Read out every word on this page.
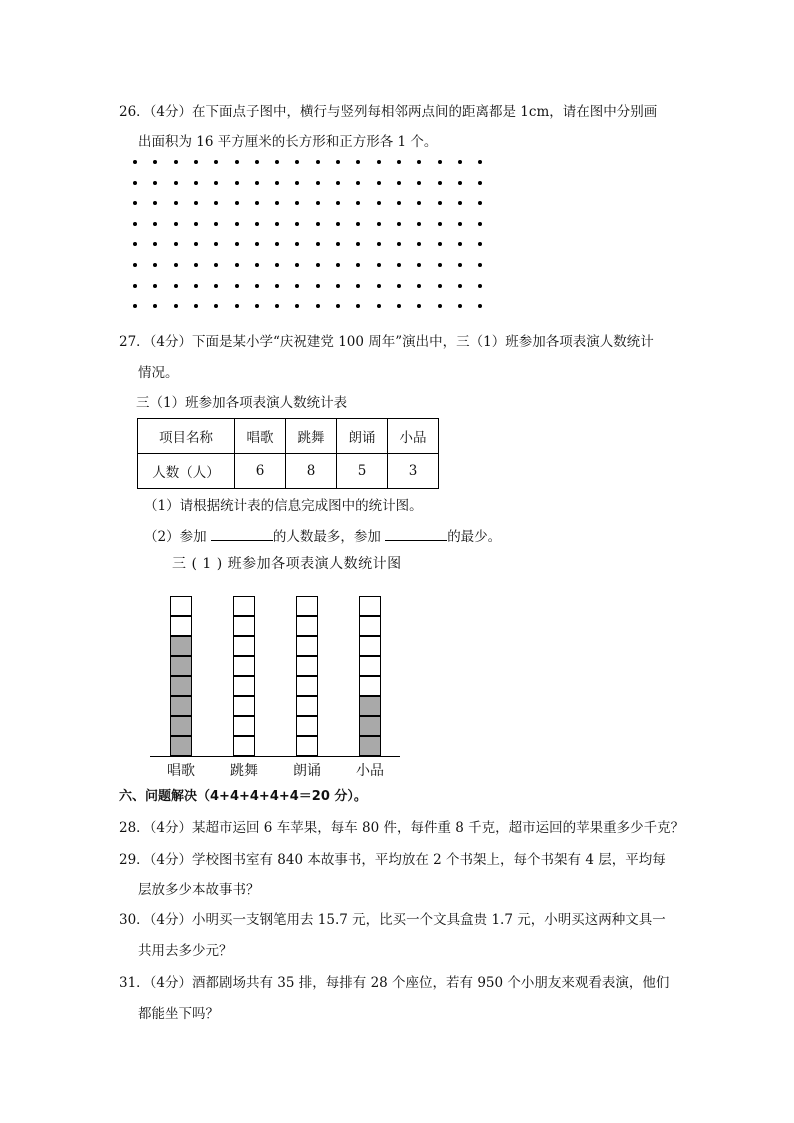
26．（4分）在下面点子图中，横行与竖列每相邻两点间的距离都是 1cm，请在图中分别画
出面积为 16 平方厘米的长方形和正方形各 1 个。
27．（4分）下面是某小学“庆祝建党 100 周年”演出中，三（1）班参加各项表演人数统计
情况。
三（1）班参加各项表演人数统计表
项目名称	唱歌	跳舞	朗诵	小品
人数（人）	6	8	5	3
（1）请根据统计表的信息完成图中的统计图。
（2）参加	的人数最多，参加	的最少。
三 ( 1 ) 班参加各项表演人数统计图
唱歌	跳舞	朗诵	小品
六、问题解决（4+4+4+4+4＝20 分）。
28．（4分）某超市运回 6 车苹果，每车 80 件，每件重 8 千克，超市运回的苹果重多少千克？
29．（4分）学校图书室有 840 本故事书，平均放在 2 个书架上，每个书架有 4 层，平均每
层放多少本故事书？
30．（4分）小明买一支钢笔用去 15.7 元，比买一个文具盒贵 1.7 元，小明买这两种文具一
共用去多少元？
31．（4分）酒都剧场共有 35 排，每排有 28 个座位，若有 950 个小朋友来观看表演，他们
都能坐下吗？
